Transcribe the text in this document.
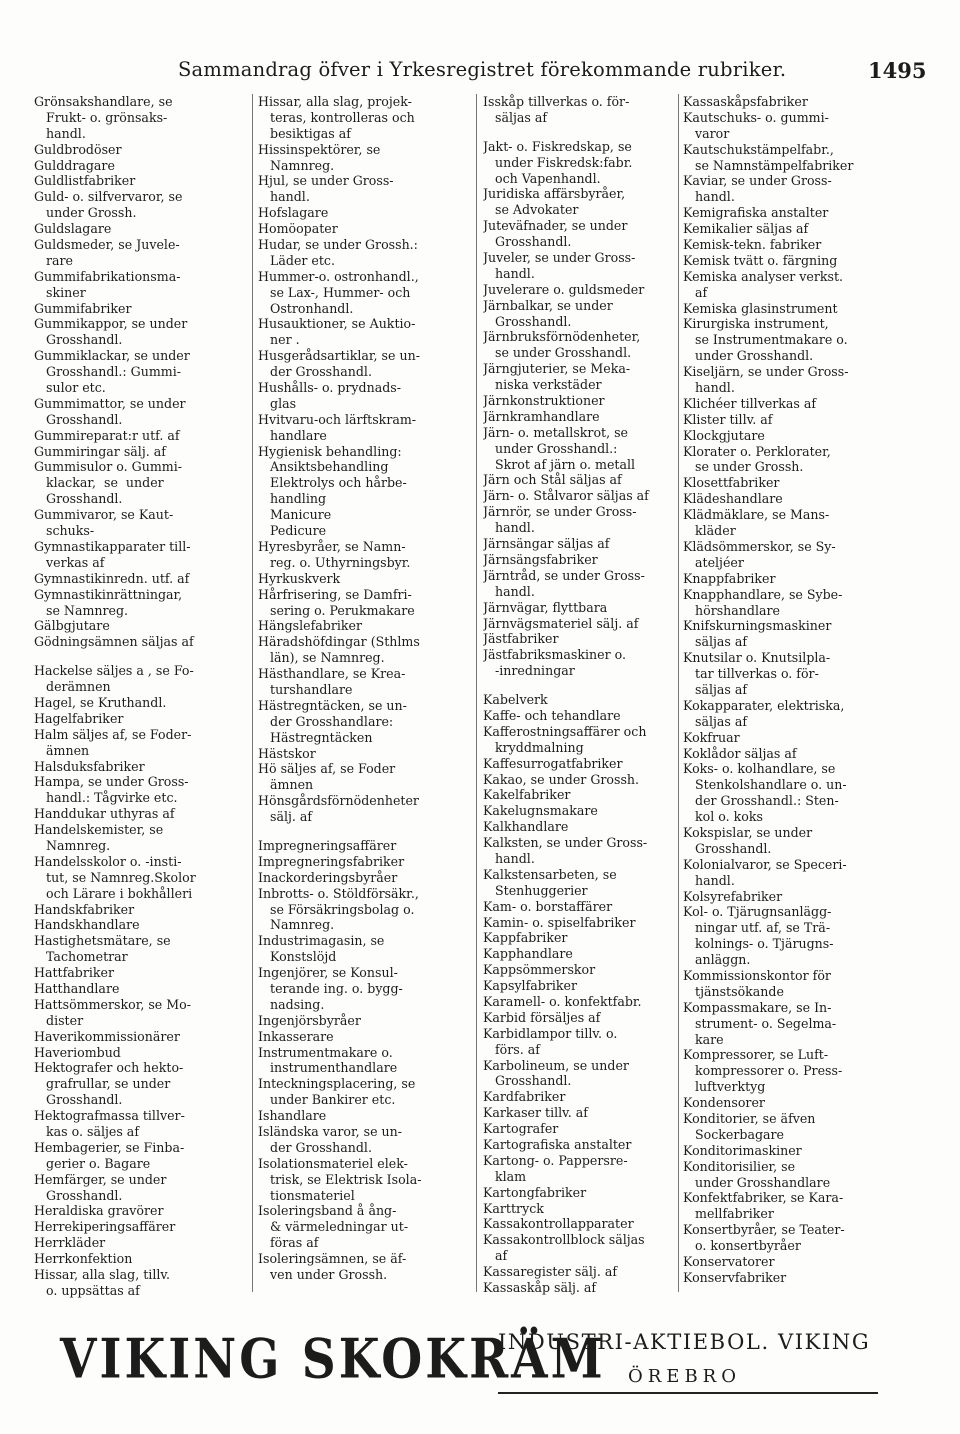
Sammandrag öfver i Yrkesregistret förekommande rubriker.	1495
Grönsakshandlare, se
Frukt- o. grönsaks-
handl.
Guldbrodöser
Gulddragare
Guldlistfabriker
Guld- o. silfvervaror, se
under Grossh.
Guldslagare
Guldsmeder, se Juvele-
rare
Gummifabrikationsma-
skiner
Gummifabriker
Gummikappor, se under
Grosshandl.
Gummiklackar, se under
Grosshandl.: Gummi-
sulor etc.
Gummimattor, se under
Grosshandl.
Gummireparat:r utf. af
Gummiringar sälj. af
Gummisulor o. Gummi-
klackar,  se  under
Grosshandl.
Gummivaror, se Kaut-
schuks-
Gymnastikapparater till-
verkas af
Gymnastikinredn. utf. af
Gymnastikinrättningar,
se Namnreg.
Gälbgjutare
Gödningsämnen säljas af
Hackelse säljes a , se Fo-
derämnen
Hagel, se Kruthandl.
Hagelfabriker
Halm säljes af, se Foder-
ämnen
Halsduksfabriker
Hampa, se under Gross-
handl.: Tågvirke etc.
Handdukar uthyras af
Handelskemister, se
Namnreg.
Handelsskolor o. -insti-
tut, se Namnreg.Skolor
och Lärare i bokhålleri
Handskfabriker
Handskhandlare
Hastighetsmätare, se
Tachometrar
Hattfabriker
Hatthandlare
Hattsömmerskor, se Mo-
dister
Haverikommissionärer
Haveriombud
Hektografer och hekto-
grafrullar, se under
Grosshandl.
Hektografmassa tillver-
kas o. säljes af
Hembagerier, se Finba-
gerier o. Bagare
Hemfärger, se under
Grosshandl.
Heraldiska gravörer
Herrekiperingsaffärer
Herrkläder
Herrkonfektion
Hissar, alla slag, tillv.
o. uppsättas af
Hissar, alla slag, projek-
teras, kontrolleras och
besiktigas af
Hissinspektörer, se
Namnreg.
Hjul, se under Gross-
handl.
Hofslagare
Homöopater
Hudar, se under Grossh.:
Läder etc.
Hummer-o. ostronhandl.,
se Lax-, Hummer- och
Ostronhandl.
Husauktioner, se Auktio-
ner .
Husgerådsartiklar, se un-
der Grosshandl.
Hushålls- o. prydnads-
glas
Hvitvaru-och lärftskram-
handlare
Hygienisk behandling:
Ansiktsbehandling
Elektrolys och hårbe-
handling
Manicure
Pedicure
Hyresbyråer, se Namn-
reg. o. Uthyrningsbyr.
Hyrkuskverk
Hårfrisering, se Damfri-
sering o. Perukmakare
Hängslefabriker
Häradshöfdingar (Sthlms
län), se Namnreg.
Hästhandlare, se Krea-
turshandlare
Hästregntäcken, se un-
der Grosshandlare:
Hästregntäcken
Hästskor
Hö säljes af, se Foder
ämnen
Hönsgårdsförnödenheter
sälj. af
Impregneringsaffärer
Impregneringsfabriker
Inackorderingsbyråer
Inbrotts- o. Stöldförsäkr.,
se Försäkringsbolag o.
Namnreg.
Industrimagasin, se
Konstslöjd
Ingenjörer, se Konsul-
terande ing. o. bygg-
nadsing.
Ingenjörsbyråer
Inkasserare
Instrumentmakare o.
instrumenthandlare
Inteckningsplacering, se
under Bankirer etc.
Ishandlare
Isländska varor, se un-
der Grosshandl.
Isolationsmateriel elek-
trisk, se Elektrisk Isola-
tionsmateriel
Isoleringsband å ång-
& värmeledningar ut-
föras af
Isoleringsämnen, se äf-
ven under Grossh.
Isskåp tillverkas o. för-
säljas af
Jakt- o. Fiskredskap, se
under Fiskredsk:fabr.
och Vapenhandl.
Juridiska affärsbyråer,
se Advokater
Juteväfnader, se under
Grosshandl.
Juveler, se under Gross-
handl.
Juvelerare o. guldsmeder
Järnbalkar, se under
Grosshandl.
Järnbruksförnödenheter,
se under Grosshandl.
Järngjuterier, se Meka-
niska verkstäder
Järnkonstruktioner
Järnkramhandlare
Järn- o. metallskrot, se
under Grosshandl.:
Skrot af järn o. metall
Järn och Stål säljas af
Järn- o. Stålvaror säljas af
Järnrör, se under Gross-
handl.
Järnsängar säljas af
Järnsängsfabriker
Järntråd, se under Gross-
handl.
Järnvägar, flyttbara
Järnvägsmateriel sälj. af
Jästfabriker
Jästfabriksmaskiner o.
-inredningar
Kabelverk
Kaffe- och tehandlare
Kafferostningsaffärer och
kryddmalning
Kaffesurrogatfabriker
Kakao, se under Grossh.
Kakelfabriker
Kakelugnsmakare
Kalkhandlare
Kalksten, se under Gross-
handl.
Kalkstensarbeten, se
Stenhuggerier
Kam- o. borstaffärer
Kamin- o. spiselfabriker
Kappfabriker
Kapphandlare
Kappsömmerskor
Kapsylfabriker
Karamell- o. konfektfabr.
Karbid försäljes af
Karbidlampor tillv. o.
förs. af
Karbolineum, se under
Grosshandl.
Kardfabriker
Karkaser tillv. af
Kartografer
Kartografiska anstalter
Kartong- o. Pappersre-
klam
Kartongfabriker
Karttryck
Kassakontrollapparater
Kassakontrollblock säljas
af
Kassaregister sälj. af
Kassaskåp sälj. af
Kassaskåpsfabriker
Kautschuks- o. gummi-
varor
Kautschukstämpelfabr.,
se Namnstämpelfabriker
Kaviar, se under Gross-
handl.
Kemigrafiska anstalter
Kemikalier säljas af
Kemisk-tekn. fabriker
Kemisk tvätt o. färgning
Kemiska analyser verkst.
af
Kemiska glasinstrument
Kirurgiska instrument,
se Instrumentmakare o.
under Grosshandl.
Kiseljärn, se under Gross-
handl.
Klichéer tillverkas af
Klister tillv. af
Klockgjutare
Klorater o. Perklorater,
se under Grossh.
Klosettfabriker
Klädeshandlare
Klädmäklare, se Mans-
kläder
Klädsömmerskor, se Sy-
ateljéer
Knappfabriker
Knapphandlare, se Sybe-
hörshandlare
Knifskurningsmaskiner
säljas af
Knutsilar o. Knutsilpla-
tar tillverkas o. för-
säljas af
Kokapparater, elektriska,
säljas af
Kokfruar
Koklådor säljas af
Koks- o. kolhandlare, se
Stenkolshandlare o. un-
der Grosshandl.: Sten-
kol o. koks
Kokspislar, se under
Grosshandl.
Kolonialvaror, se Speceri-
handl.
Kolsyrefabriker
Kol- o. Tjärugnsanlägg-
ningar utf. af, se Trä-
kolnings- o. Tjärugns-
anläggn.
Kommissionskontor för
tjänstsökande
Kompassmakare, se In-
strument- o. Segelma-
kare
Kompressorer, se Luft-
kompressorer o. Press-
luftverktyg
Kondensorer
Konditorier, se äfven
Sockerbagare
Konditorimaskiner
Konditorisilier, se
under Grosshandlare
Konfektfabriker, se Kara-
mellfabriker
Konsertbyråer, se Teater-
o. konsertbyråer
Konservatorer
Konservfabriker
VIKING SKOKRÄM
INDUSTRI-AKTIEBOL. VIKING
ÖREBRO
